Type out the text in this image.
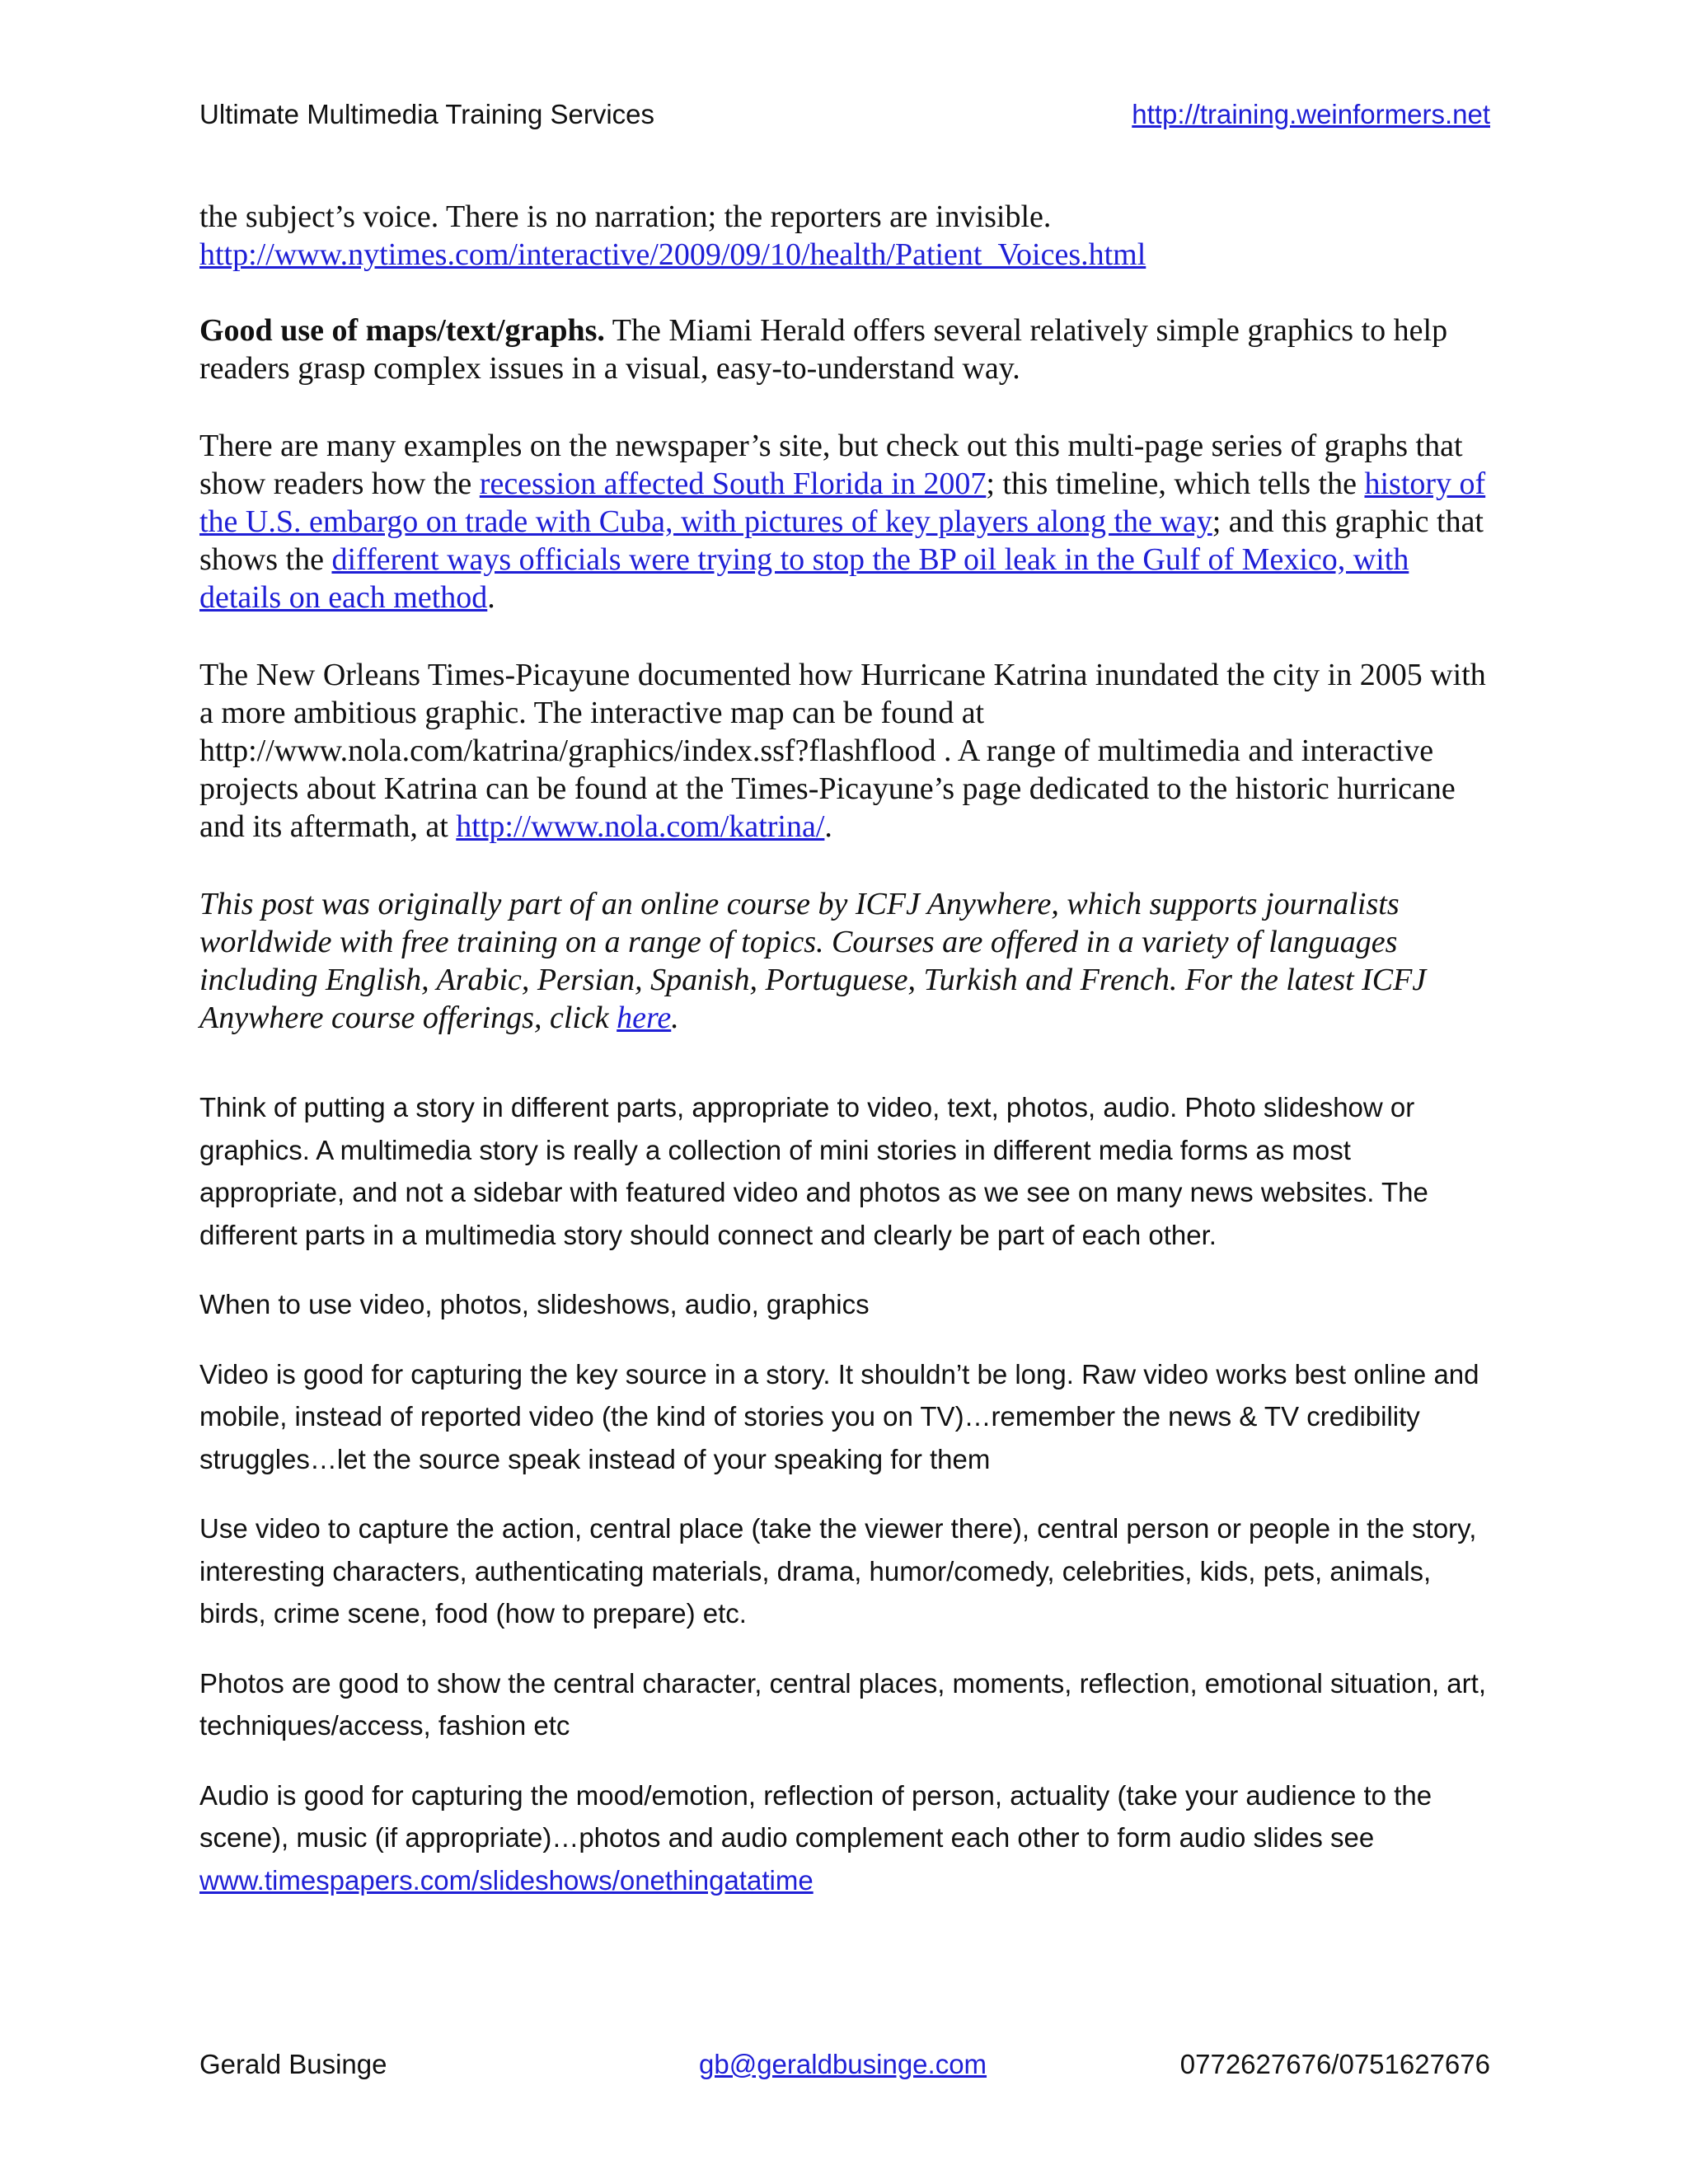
Ultimate Multimedia Training Services	http://training.weinformers.net

the subject’s voice. There is no narration; the reporters are invisible.
http://www.nytimes.com/interactive/2009/09/10/health/Patient_Voices.html

Good use of maps/text/graphs. The Miami Herald offers several relatively simple graphics to help readers grasp complex issues in a visual, easy-to-understand way.

There are many examples on the newspaper’s site, but check out this multi-page series of graphs that show readers how the recession affected South Florida in 2007; this timeline, which tells the history of the U.S. embargo on trade with Cuba, with pictures of key players along the way; and this graphic that shows the different ways officials were trying to stop the BP oil leak in the Gulf of Mexico, with details on each method.

The New Orleans Times-Picayune documented how Hurricane Katrina inundated the city in 2005 with a more ambitious graphic. The interactive map can be found at http://www.nola.com/katrina/graphics/index.ssf?flashflood . A range of multimedia and interactive projects about Katrina can be found at the Times-Picayune’s page dedicated to the historic hurricane and its aftermath, at http://www.nola.com/katrina/.

This post was originally part of an online course by ICFJ Anywhere, which supports journalists worldwide with free training on a range of topics. Courses are offered in a variety of languages including English, Arabic, Persian, Spanish, Portuguese, Turkish and French. For the latest ICFJ Anywhere course offerings, click here.

Think of putting a story in different parts, appropriate to video, text, photos, audio. Photo slideshow or graphics. A multimedia story is really a collection of mini stories in different media forms as most appropriate, and not a sidebar with featured video and photos as we see on many news websites. The different parts in a multimedia story should connect and clearly be part of each other.

When to use video, photos, slideshows, audio, graphics

Video is good for capturing the key source in a story. It shouldn’t be long. Raw video works best online and mobile, instead of reported video (the kind of stories you on TV)…remember the news & TV credibility struggles…let the source speak instead of your speaking for them

Use video to capture the action, central place (take the viewer there), central person or people in the story, interesting characters, authenticating materials, drama, humor/comedy, celebrities, kids, pets, animals, birds, crime scene, food (how to prepare) etc.

Photos are good to show the central character, central places, moments, reflection, emotional situation, art, techniques/access, fashion etc

Audio is good for capturing the mood/emotion, reflection of person, actuality (take your audience to the scene), music (if appropriate)…photos and audio complement each other to form audio slides see
www.timespapers.com/slideshows/onethingatatime

Gerald Businge	gb@geraldbusinge.com	0772627676/0751627676
